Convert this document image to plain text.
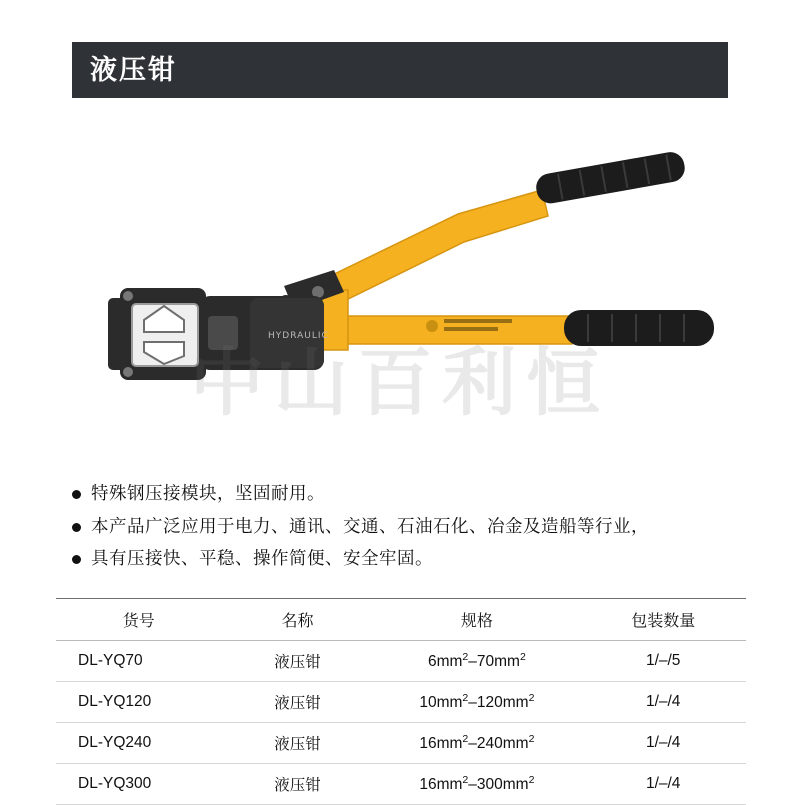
液压钳
HYDRAULIC
中山百利恒
特殊钢压接模块，坚固耐用。
本产品广泛应用于电力、通讯、交通、石油石化、冶金及造船等行业，
具有压接快、平稳、操作简便、安全牢固。
货号	名称	规格	包装数量
DL-YQ70	液压钳	$6mm^2-70mm^2$	1/–/5
DL-YQ120	液压钳	$10mm^2-120mm^2$	1/–/4
DL-YQ240	液压钳	$16mm^2-240mm^2$	1/–/4
DL-YQ300	液压钳	$16mm^2-300mm^2$	1/–/4
